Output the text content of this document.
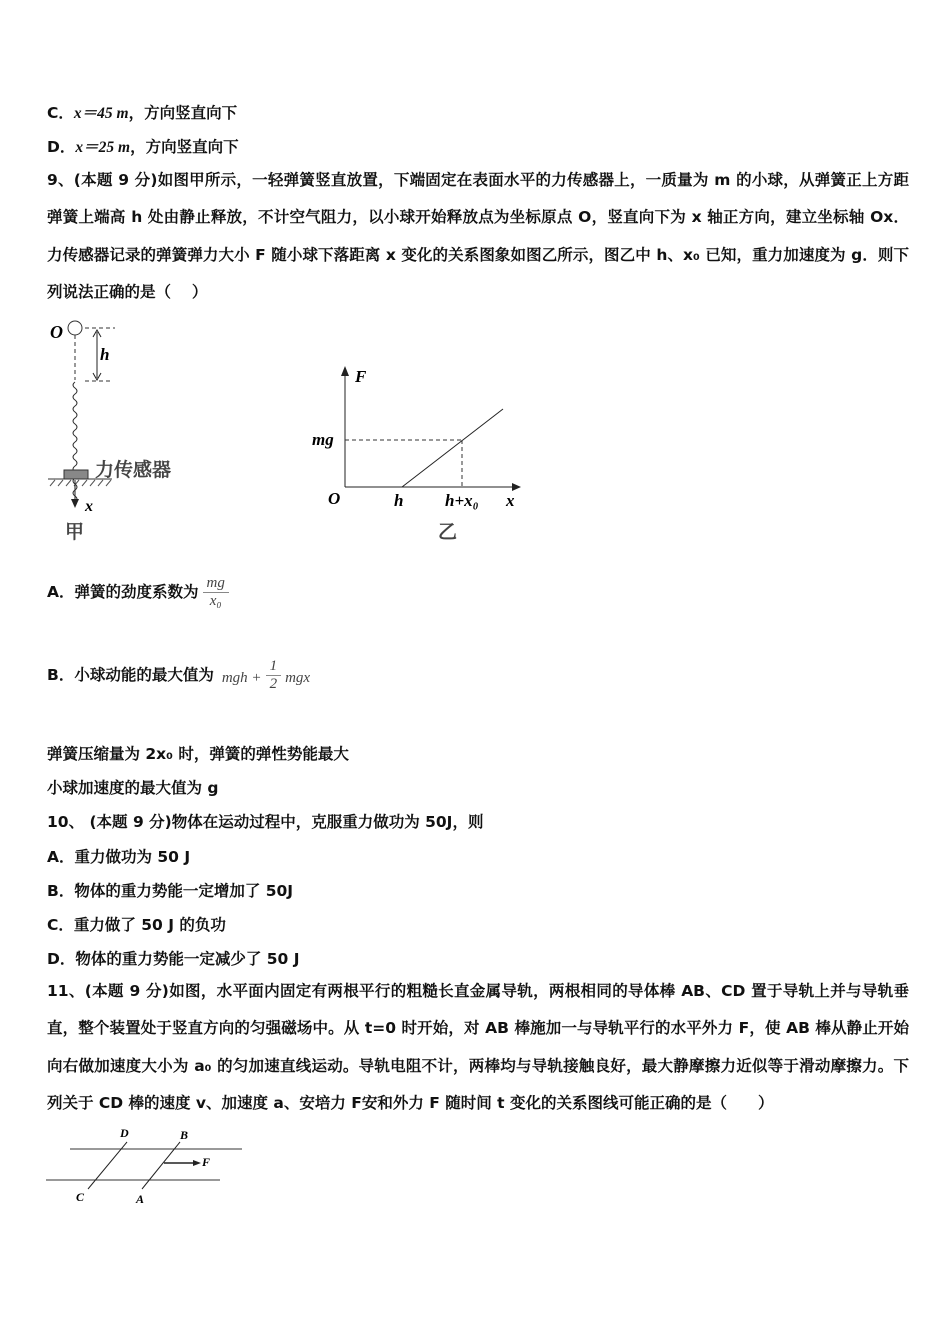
C．x＝45 m，方向竖直向下
D．x＝25 m，方向竖直向下
9、(本题 9 分)如图甲所示，一轻弹簧竖直放置，下端固定在表面水平的力传感器上，一质量为 m 的小球，从弹簧正上方距弹簧上端高 h 处由静止释放，不计空气阻力，以小球开始释放点为坐标原点 O，竖直向下为 x 轴正方向，建立坐标轴 Ox．力传感器记录的弹簧弹力大小 F 随小球下落距离 x 变化的关系图象如图乙所示，图乙中 h、x₀ 已知，重力加速度为 g．则下列说法正确的是（　 ）
O
h
力传感器
x
甲
F
mg
O	h h+x₀ x
乙
A．弹簧的劲度系数为 $\frac{mg}{\text{x₀}}$
B．小球动能的最大值为 mgh + $\frac{1}{2}$ mgx
弹簧压缩量为 2x₀ 时，弹簧的弹性势能最大
小球加速度的最大值为 g
10、 (本题 9 分)物体在运动过程中，克服重力做功为 50J，则
A．重力做功为 50 J
B．物体的重力势能一定增加了 50J
C．重力做了 50 J 的负功
D．物体的重力势能一定减少了 50 J
11、(本题 9 分)如图，水平面内固定有两根平行的粗糙长直金属导轨，两根相同的导体棒 AB、CD 置于导轨上并与导轨垂直，整个装置处于竖直方向的匀强磁场中。从 t=0 时开始，对 AB 棒施加一与导轨平行的水平外力 F，使 AB 棒从静止开始向右做加速度大小为 a₀ 的匀加速直线运动。导轨电阻不计，两棒均与导轨接触良好，最大静摩擦力近似等于滑动摩擦力。下列关于 CD 棒的速度 v、加速度 a、安培力 F安和外力 F 随时间 t 变化的关系图线可能正确的是（　　）
D	B
F
C	A
